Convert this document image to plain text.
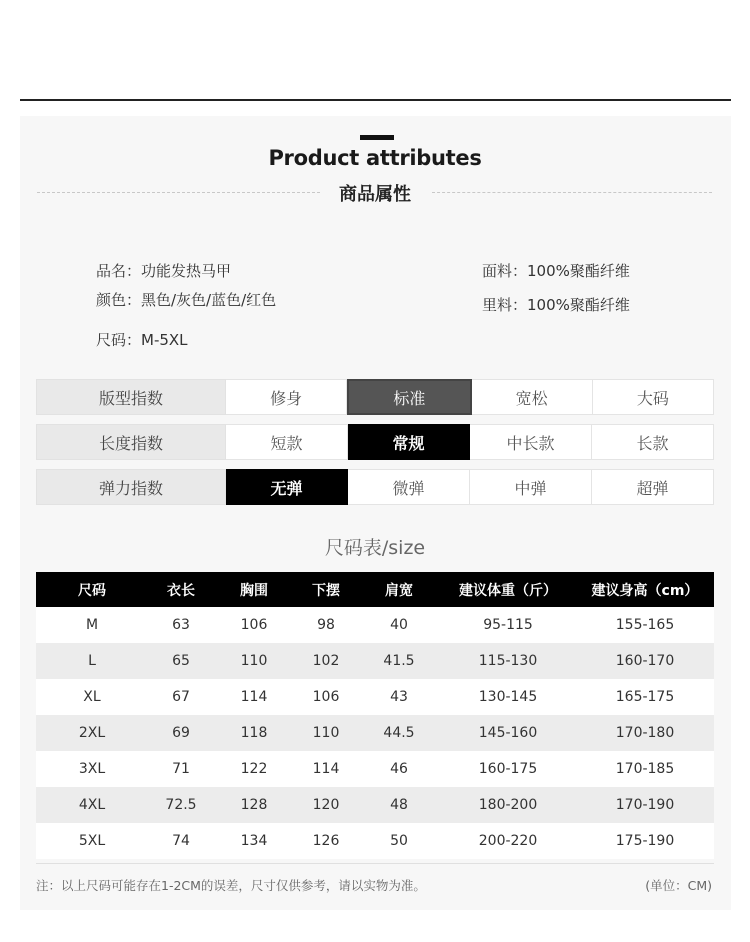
Product attributes
商品属性
品名：功能发热马甲
颜色：黑色/灰色/蓝色/红色
尺码：M-5XL
面料：100%聚酯纤维
里料：100%聚酯纤维
版型指数	修身	标准	宽松	大码
长度指数	短款	常规	中长款	长款
弹力指数	无弹	微弹	中弹	超弹
尺码表/size
尺码	衣长	胸围	下摆	肩宽	建议体重（斤）	建议身高（cm）
M	63	106	98	40	95-115	155-165
L	65	110	102	41.5	115-130	160-170
XL	67	114	106	43	130-145	165-175
2XL	69	118	110	44.5	145-160	170-180
3XL	71	122	114	46	160-175	170-185
4XL	72.5	128	120	48	180-200	170-190
5XL	74	134	126	50	200-220	175-190
注：以上尺码可能存在1-2CM的误差，尺寸仅供参考，请以实物为准。	(单位：CM)
